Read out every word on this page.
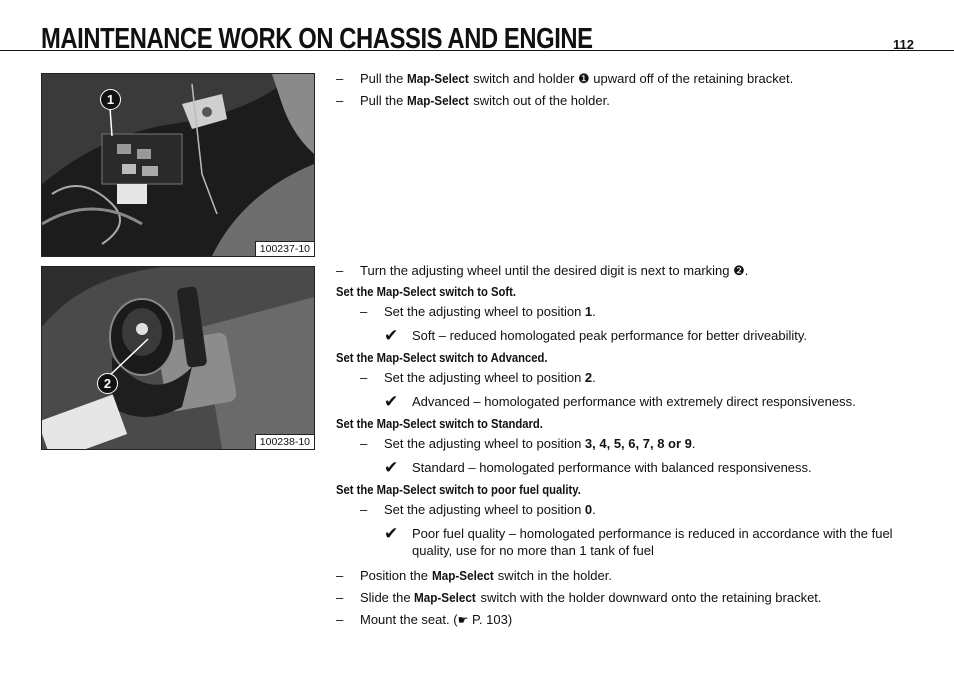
MAINTENANCE WORK ON CHASSIS AND ENGINE	112
1
100237-10
2
100238-10
– Pull the Map-Select switch and holder ❶ upward off of the retaining bracket.
– Pull the Map-Select switch out of the holder.
– Turn the adjusting wheel until the desired digit is next to marking ❷.
Set the Map-Select switch to Soft.
– Set the adjusting wheel to position 1.
✔ Soft – reduced homologated peak performance for better driveability.
Set the Map-Select switch to Advanced.
– Set the adjusting wheel to position 2.
✔ Advanced – homologated performance with extremely direct responsiveness.
Set the Map-Select switch to Standard.
– Set the adjusting wheel to position 3, 4, 5, 6, 7, 8 or 9.
✔ Standard – homologated performance with balanced responsiveness.
Set the Map-Select switch to poor fuel quality.
– Set the adjusting wheel to position 0.
✔ Poor fuel quality – homologated performance is reduced in accordance with the fuel quality, use for no more than 1 tank of fuel
– Position the Map-Select switch in the holder.
– Slide the Map-Select switch with the holder downward onto the retaining bracket.
– Mount the seat. (☛ P. 103)
